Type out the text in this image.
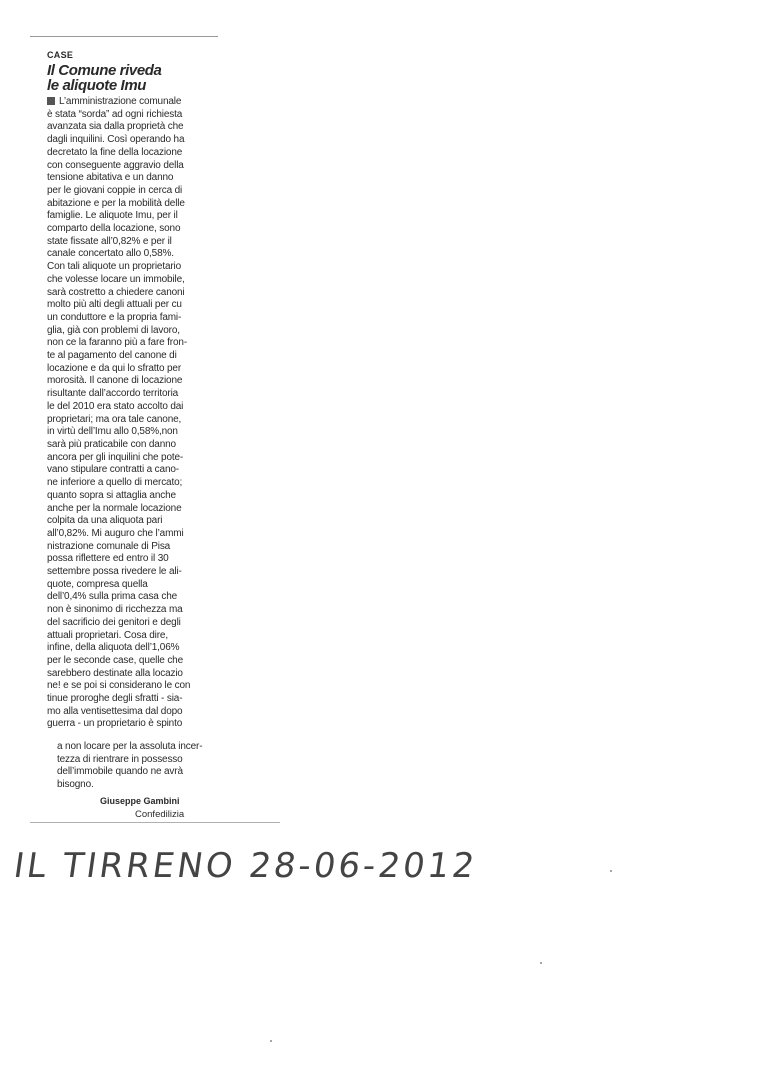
CASE

Il Comune riveda
le aliquote Imu
L’amministrazione comunale
è stata “sorda” ad ogni richiesta
avanzata sia dalla proprietà che
dagli inquilini. Così operando ha
decretato la fine della locazione
con conseguente aggravio della
tensione abitativa e un danno
per le giovani coppie in cerca di
abitazione e per la mobilità delle
famiglie. Le aliquote Imu, per il
comparto della locazione, sono
state fissate all’0,82% e per il
canale concertato allo 0,58%.
Con tali aliquote un proprietario
che volesse locare un immobile,
sarà costretto a chiedere canoni
molto più alti degli attuali per cu
un conduttore e la propria fami-
glia, già con problemi di lavoro,
non ce la faranno più a fare fron-
te al pagamento del canone di
locazione e da qui lo sfratto per
morosità. Il canone di locazione
risultante dall’accordo territoria
le del 2010 era stato accolto dai
proprietari; ma ora tale canone,
in virtù dell’Imu allo 0,58%,non
sarà più praticabile con danno
ancora per gli inquilini che pote-
vano stipulare contratti a cano-
ne inferiore a quello di mercato;
quanto sopra si attaglia anche
anche per la normale locazione
colpita da una aliquota pari
all’0,82%. Mi auguro che l’ammi
nistrazione comunale di Pisa
possa riflettere ed entro il 30
settembre possa rivedere le ali-
quote, compresa quella
dell’0,4% sulla prima casa che
non è sinonimo di ricchezza ma
del sacrificio dei genitori e degli
attuali proprietari. Cosa dire,
infine, della aliquota dell’1,06%
per le seconde case, quelle che
sarebbero destinate alla locazio
ne! e se poi si considerano le con
tinue proroghe degli sfratti - sia-
mo alla ventisettesima dal dopo
guerra - un proprietario è spinto
a non locare per la assoluta incer-
tezza di rientrare in possesso
dell’immobile quando ne avrà
bisogno.
Giuseppe Gambini
Confedilizia
IL TIRRENO 28-06-2012
